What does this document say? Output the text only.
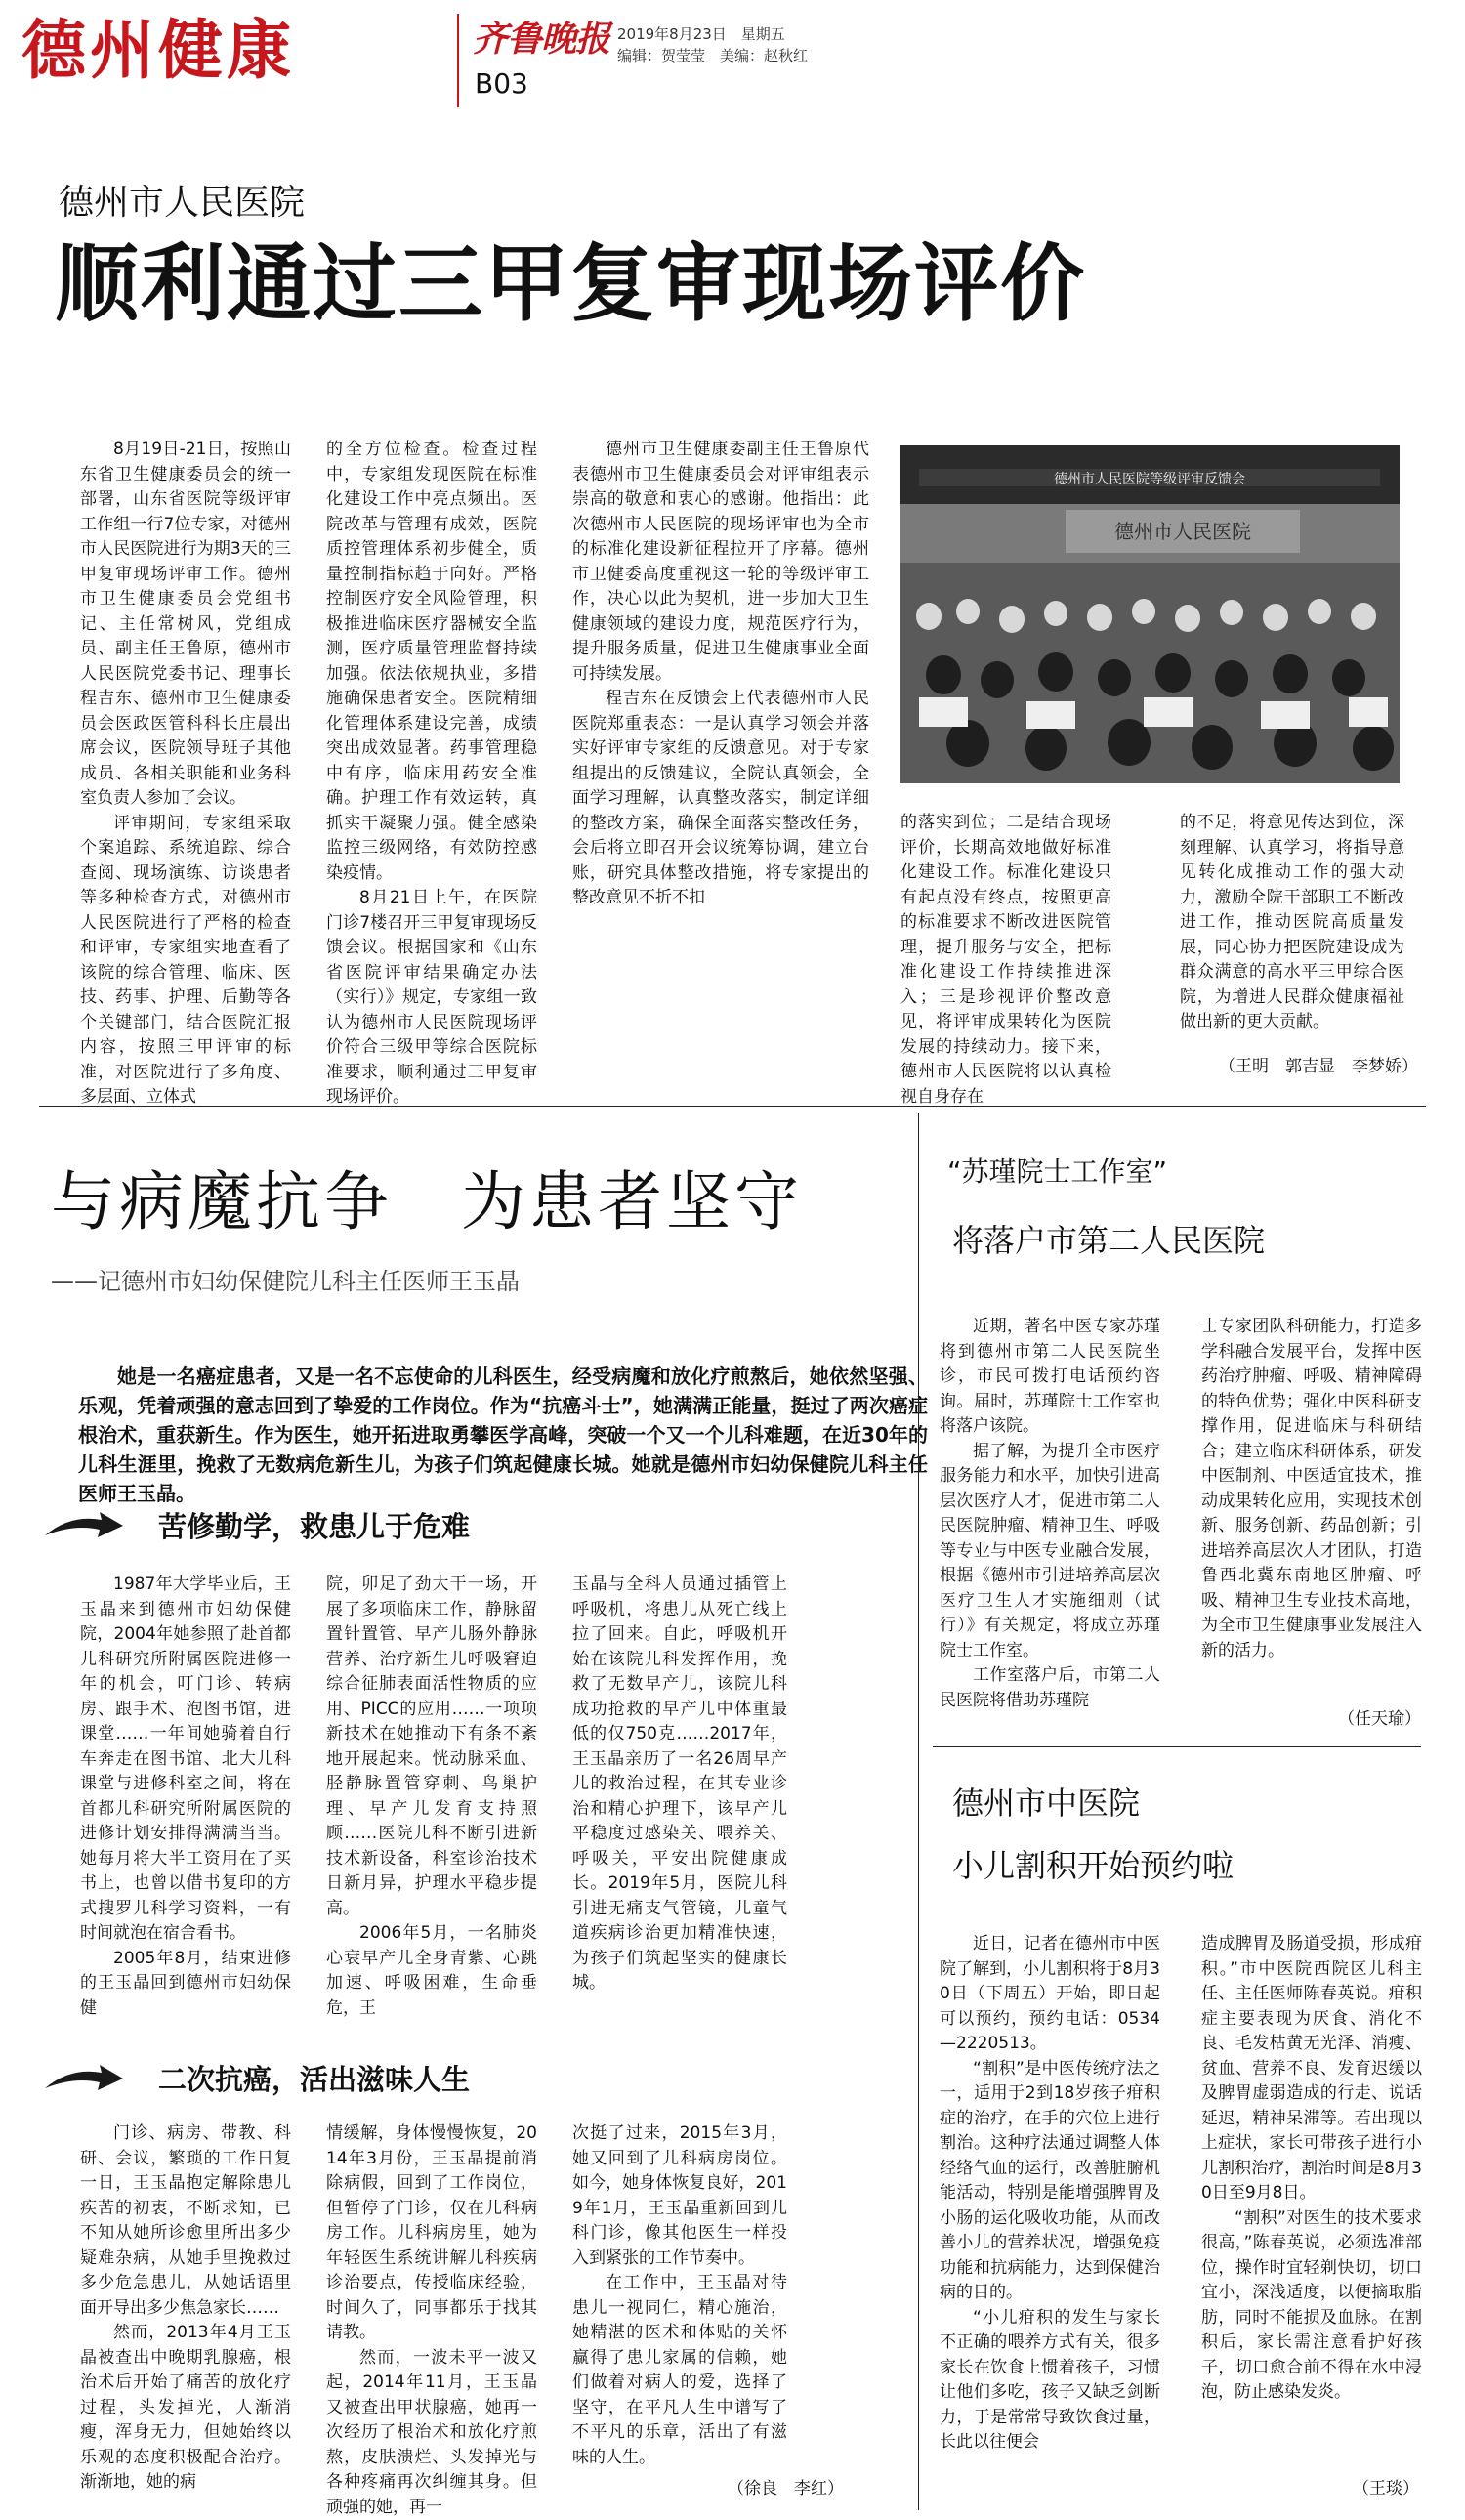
德州健康	齐鲁晚报
B03
2019年8月23日　星期五
编辑：贺莹莹　美编：赵秋红
德州市人民医院
顺利通过三甲复审现场评价

8月19日-21日，按照山东省卫生健康委员会的统一部署，山东省医院等级评审工作组一行7位专家，对德州市人民医院进行为期3天的三甲复审现场评审工作。德州市卫生健康委员会党组书记、主任常树风，党组成员、副主任王鲁原，德州市人民医院党委书记、理事长程吉东、德州市卫生健康委员会医政医管科科长庄晨出席会议，医院领导班子其他成员、各相关职能和业务科室负责人参加了会议。

评审期间，专家组采取个案追踪、系统追踪、综合查阅、现场演练、访谈患者等多种检查方式，对德州市人民医院进行了严格的检查和评审，专家组实地查看了该院的综合管理、临床、医技、药事、护理、后勤等各个关键部门，结合医院汇报内容，按照三甲评审的标准，对医院进行了多角度、多层面、立体式

的全方位检查。检查过程中，专家组发现医院在标准化建设工作中亮点频出。医院改革与管理有成效，医院质控管理体系初步健全，质量控制指标趋于向好。严格控制医疗安全风险管理，积极推进临床医疗器械安全监测，医疗质量管理监督持续加强。依法依规执业，多措施确保患者安全。医院精细化管理体系建设完善，成绩突出成效显著。药事管理稳中有序，临床用药安全准确。护理工作有效运转，真抓实干凝聚力强。健全感染监控三级网络，有效防控感染疫情。

8月21日上午，在医院门诊7楼召开三甲复审现场反馈会议。根据国家和《山东省医院评审结果确定办法（实行）》规定，专家组一致认为德州市人民医院现场评价符合三级甲等综合医院标准要求，顺利通过三甲复审现场评价。

德州市卫生健康委副主任王鲁原代表德州市卫生健康委员会对评审组表示崇高的敬意和衷心的感谢。他指出：此次德州市人民医院的现场评审也为全市的标准化建设新征程拉开了序幕。德州市卫健委高度重视这一轮的等级评审工作，决心以此为契机，进一步加大卫生健康领域的建设力度，规范医疗行为，提升服务质量，促进卫生健康事业全面可持续发展。

程吉东在反馈会上代表德州市人民医院郑重表态：一是认真学习领会并落实好评审专家组的反馈意见。对于专家组提出的反馈建议，全院认真领会，全面学习理解，认真整改落实，制定详细的整改方案，确保全面落实整改任务，会后将立即召开会议统筹协调，建立台账，研究具体整改措施，将专家提出的整改意见不折不扣

德州市人民医院等级评审反馈会
德州市人民医院

的落实到位；二是结合现场评价，长期高效地做好标准化建设工作。标准化建设只有起点没有终点，按照更高的标准要求不断改进医院管理，提升服务与安全，把标准化建设工作持续推进深入；三是珍视评价整改意见，将评审成果转化为医院发展的持续动力。接下来，德州市人民医院将以认真检视自身存在

的不足，将意见传达到位，深刻理解、认真学习，将指导意见转化成推动工作的强大动力，激励全院干部职工不断改进工作，推动医院高质量发展，同心协力把医院建设成为群众满意的高水平三甲综合医院，为增进人民群众健康福祉做出新的更大贡献。

（王明　郭吉显　李梦娇）
与病魔抗争　为患者坚守
——记德州市妇幼保健院儿科主任医师王玉晶

她是一名癌症患者，又是一名不忘使命的儿科医生，经受病魔和放化疗煎熬后，她依然坚强、乐观，凭着顽强的意志回到了挚爱的工作岗位。作为“抗癌斗士”，她满满正能量，挺过了两次癌症根治术，重获新生。作为医生，她开拓进取勇攀医学高峰，突破一个又一个儿科难题，在近30年的儿科生涯里，挽救了无数病危新生儿，为孩子们筑起健康长城。她就是德州市妇幼保健院儿科主任医师王玉晶。

苦修勤学，救患儿于危难

1987年大学毕业后，王玉晶来到德州市妇幼保健院，2004年她参照了赴首都儿科研究所附属医院进修一年的机会，叮门诊、转病房、跟手术、泡图书馆，进课堂……一年间她骑着自行车奔走在图书馆、北大儿科课堂与进修科室之间，将在首都儿科研究所附属医院的进修计划安排得满满当当。她每月将大半工资用在了买书上，也曾以借书复印的方式搜罗儿科学习资料，一有时间就泡在宿舍看书。

2005年8月，结束进修的王玉晶回到德州市妇幼保健

院，卯足了劲大干一场，开展了多项临床工作，静脉留置针置管、早产儿肠外静脉营养、治疗新生儿呼吸窘迫综合征肺表面活性物质的应用、PICC的应用……一项项新技术在她推动下有条不紊地开展起来。恍动脉采血、胫静脉置管穿刺、鸟巢护理、早产儿发育支持照顾……医院儿科不断引进新技术新设备，科室诊治技术日新月异，护理水平稳步提高。

2006年5月，一名肺炎心衰早产儿全身青紫、心跳加速、呼吸困难，生命垂危，王

玉晶与全科人员通过插管上呼吸机，将患儿从死亡线上拉了回来。自此，呼吸机开始在该院儿科发挥作用，挽救了无数早产儿，该院儿科成功抢救的早产儿中体重最低的仅750克……2017年，王玉晶亲历了一名26周早产儿的救治过程，在其专业诊治和精心护理下，该早产儿平稳度过感染关、喂养关、呼吸关，平安出院健康成长。2019年5月，医院儿科引进无痛支气管镜，儿童气道疾病诊治更加精准快速，为孩子们筑起坚实的健康长城。

二次抗癌，活出滋味人生

门诊、病房、带教、科研、会议，繁琐的工作日复一日，王玉晶抱定解除患儿疾苦的初衷，不断求知，已不知从她所诊愈里所出多少疑难杂病，从她手里挽救过多少危急患儿，从她话语里面开导出多少焦急家长……

然而，2013年4月王玉晶被查出中晚期乳腺癌，根治术后开始了痛苦的放化疗过程，头发掉光，人渐消瘦，浑身无力，但她始终以乐观的态度积极配合治疗。渐渐地，她的病

情缓解，身体慢慢恢复，2014年3月份，王玉晶提前消除病假，回到了工作岗位，但暂停了门诊，仅在儿科病房工作。儿科病房里，她为年轻医生系统讲解儿科疾病诊治要点，传授临床经验，时间久了，同事都乐于找其请教。

然而，一波未平一波又起，2014年11月，王玉晶又被查出甲状腺癌，她再一次经历了根治术和放化疗煎熬，皮肤溃烂、头发掉光与各种疼痛再次纠缠其身。但顽强的她，再一

次挺了过来，2015年3月，她又回到了儿科病房岗位。如今，她身体恢复良好，2019年1月，王玉晶重新回到儿科门诊，像其他医生一样投入到紧张的工作节奏中。

在工作中，王玉晶对待患儿一视同仁，精心施治，她精湛的医术和体贴的关怀赢得了患儿家属的信赖，她们做着对病人的爱，选择了坚守，在平凡人生中谱写了不平凡的乐章，活出了有滋味的人生。

（徐良　李红）
“苏瑾院士工作室”
将落户市第二人民医院

近期，著名中医专家苏瑾将到德州市第二人民医院坐诊，市民可拨打电话预约咨询。届时，苏瑾院士工作室也将落户该院。

据了解，为提升全市医疗服务能力和水平，加快引进高层次医疗人才，促进市第二人民医院肿瘤、精神卫生、呼吸等专业与中医专业融合发展，根据《德州市引进培养高层次医疗卫生人才实施细则（试行）》有关规定，将成立苏瑾院士工作室。

工作室落户后，市第二人民医院将借助苏瑾院

士专家团队科研能力，打造多学科融合发展平台，发挥中医药治疗肿瘤、呼吸、精神障碍的特色优势；强化中医科研支撑作用，促进临床与科研结合；建立临床科研体系，研发中医制剂、中医适宜技术，推动成果转化应用，实现技术创新、服务创新、药品创新；引进培养高层次人才团队，打造鲁西北冀东南地区肿瘤、呼吸、精神卫生专业技术高地，为全市卫生健康事业发展注入新的活力。

（任天瑜）
德州市中医院
小儿割积开始预约啦

近日，记者在德州市中医院了解到，小儿割积将于8月30日（下周五）开始，即日起可以预约，预约电话：0534—2220513。

“割积”是中医传统疗法之一，适用于2到18岁孩子疳积症的治疗，在手的穴位上进行割治。这种疗法通过调整人体经络气血的运行，改善脏腑机能活动，特别是能增强脾胃及小肠的运化吸收功能，从而改善小儿的营养状况，增强免疫功能和抗病能力，达到保健治病的目的。

“小儿疳积的发生与家长不正确的喂养方式有关，很多家长在饮食上惯着孩子，习惯让他们多吃，孩子又缺乏剑断力，于是常常导致饮食过量，长此以往便会

造成脾胃及肠道受损，形成疳积。”市中医院西院区儿科主任、主任医师陈春英说。疳积症主要表现为厌食、消化不良、毛发枯黄无光泽、消瘦、贫血、营养不良、发育迟缓以及脾胃虚弱造成的行走、说话延迟，精神呆滞等。若出现以上症状，家长可带孩子进行小儿割积治疗，割治时间是8月30日至9月8日。

“割积”对医生的技术要求很高，”陈春英说，必须选准部位，操作时宜轻剃快切，切口宜小，深浅适度，以便摘取脂肪，同时不能损及血脉。在割积后，家长需注意看护好孩子，切口愈合前不得在水中浸泡，防止感染发炎。

（王琰）
